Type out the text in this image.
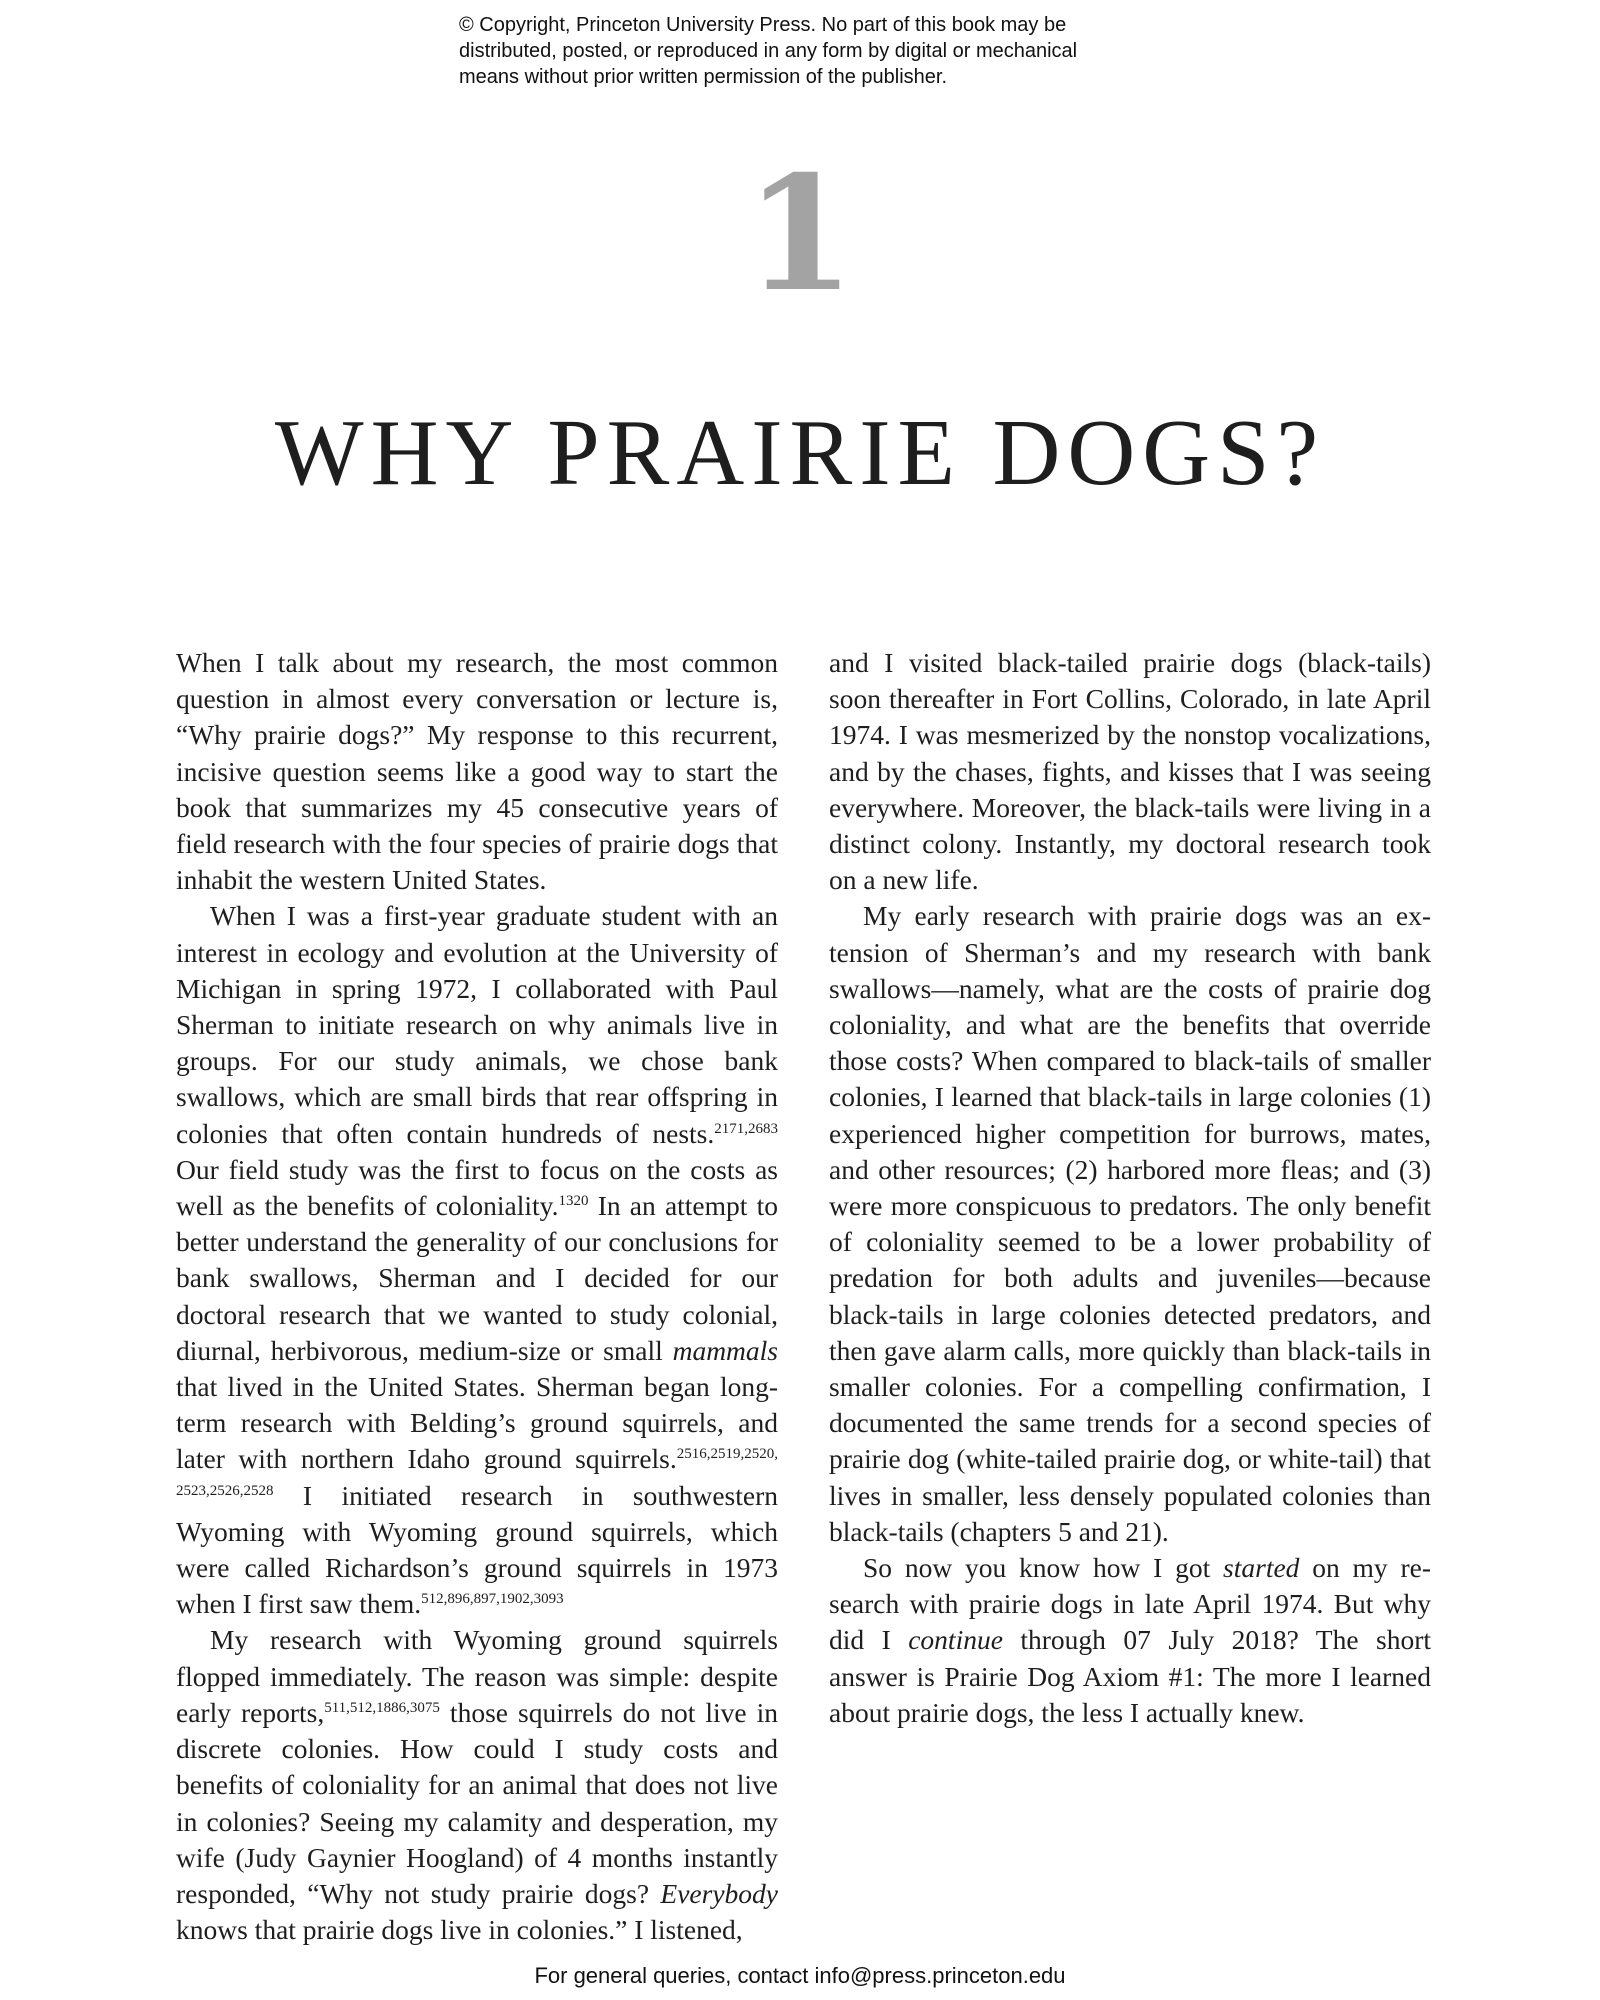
© Copyright, Princeton University Press. No part of this book may be
distributed, posted, or reproduced in any form by digital or mechanical
means without prior written permission of the publisher.
1
WHY PRAIRIE DOGS?

When I talk about my research, the most common question in almost every conversation or lecture is, “Why prairie dogs?” My response to this recurrent, incisive question seems like a good way to start the book that summarizes my 45 consecutive years of field research with the four species of prairie dogs that inhabit the western United States.

When I was a first-year graduate student with an interest in ecology and evolution at the University of Michigan in spring 1972, I collaborated with Paul Sherman to initiate research on why animals live in groups. For our study animals, we chose bank swallows, which are small birds that rear offspring in colonies that often contain hundreds of nests.$^{2171,2683}$ Our field study was the first to focus on the costs as well as the benefits of coloniality.$^{1320}$ In an attempt to better understand the generality of our conclusions for bank swallows, Sherman and I decided for our doctoral research that we wanted to study colonial, diurnal, herbivorous, medium-size or small mammals that lived in the United States. Sherman began long-term research with Belding’s ground squirrels, and later with northern Idaho ground squirrels.$^{2516,2519,2520, 2523,2526,2528}$ I initiated research in southwestern Wyoming with Wyoming ground squirrels, which were called Richardson’s ground squirrels in 1973 when I first saw them.$^{512,896,897,1902,3093}$

My research with Wyoming ground squirrels flopped immediately. The reason was simple: despite early reports,$^{511,512,1886,3075}$ those squirrels do not live in discrete colonies. How could I study costs and benefits of coloniality for an animal that does not live in colonies? Seeing my calamity and desperation, my wife (Judy Gaynier Hoogland) of 4 months instantly responded, “Why not study prairie dogs? Everybody knows that prairie dogs live in colonies.” I listened,

and I visited black-tailed prairie dogs (black-tails) soon thereafter in Fort Collins, Colorado, in late April 1974. I was mesmerized by the nonstop vocalizations, and by the chases, fights, and kisses that I was seeing everywhere. Moreover, the black-tails were living in a distinct colony. Instantly, my doctoral research took on a new life.

My early research with prairie dogs was an extension of Sherman’s and my research with bank swallows—namely, what are the costs of prairie dog coloniality, and what are the benefits that override those costs? When compared to black-tails of smaller colonies, I learned that black-tails in large colonies (1) experienced higher competition for burrows, mates, and other resources; (2) harbored more fleas; and (3) were more conspicuous to predators. The only benefit of coloniality seemed to be a lower probability of predation for both adults and juveniles—because black-tails in large colonies detected predators, and then gave alarm calls, more quickly than black-tails in smaller colonies. For a compelling confirmation, I documented the same trends for a second species of prairie dog (white-tailed prairie dog, or white-tail) that lives in smaller, less densely populated colonies than black-tails (chapters 5 and 21).

So now you know how I got started on my research with prairie dogs in late April 1974. But why did I continue through 07 July 2018? The short answer is Prairie Dog Axiom #1: The more I learned about prairie dogs, the less I actually knew.

For general queries, contact info@press.princeton.edu
